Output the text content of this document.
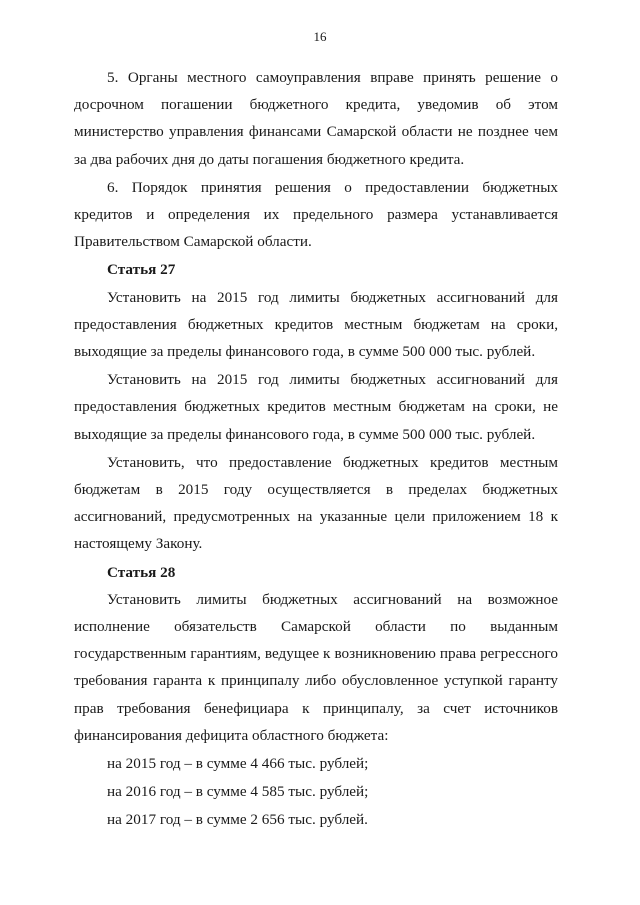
16

5. Органы местного самоуправления вправе принять решение о досрочном погашении бюджетного кредита, уведомив об этом министерство управления финансами Самарской области не позднее чем за два рабочих дня до даты погашения бюджетного кредита.

6. Порядок принятия решения о предоставлении бюджетных кредитов и определения их предельного размера устанавливается Правительством Самарской области.

Статья 27

Установить на 2015 год лимиты бюджетных ассигнований для предоставления бюджетных кредитов местным бюджетам на сроки, выходящие за пределы финансового года, в сумме 500 000 тыс. рублей.

Установить на 2015 год лимиты бюджетных ассигнований для предоставления бюджетных кредитов местным бюджетам на сроки, не выходящие за пределы финансового года, в сумме 500 000 тыс. рублей.

Установить, что предоставление бюджетных кредитов местным бюджетам в 2015 году осуществляется в пределах бюджетных ассигнований, предусмотренных на указанные цели приложением 18 к настоящему Закону.

Статья 28

Установить лимиты бюджетных ассигнований на возможное исполнение обязательств Самарской области по выданным государственным гарантиям, ведущее к возникновению права регрессного требования гаранта к принципалу либо обусловленное уступкой гаранту прав требования бенефициара к принципалу, за счет источников финансирования дефицита областного бюджета:

на 2015 год – в сумме 4 466 тыс. рублей;

на 2016 год – в сумме 4 585 тыс. рублей;

на 2017 год – в сумме 2 656 тыс. рублей.
